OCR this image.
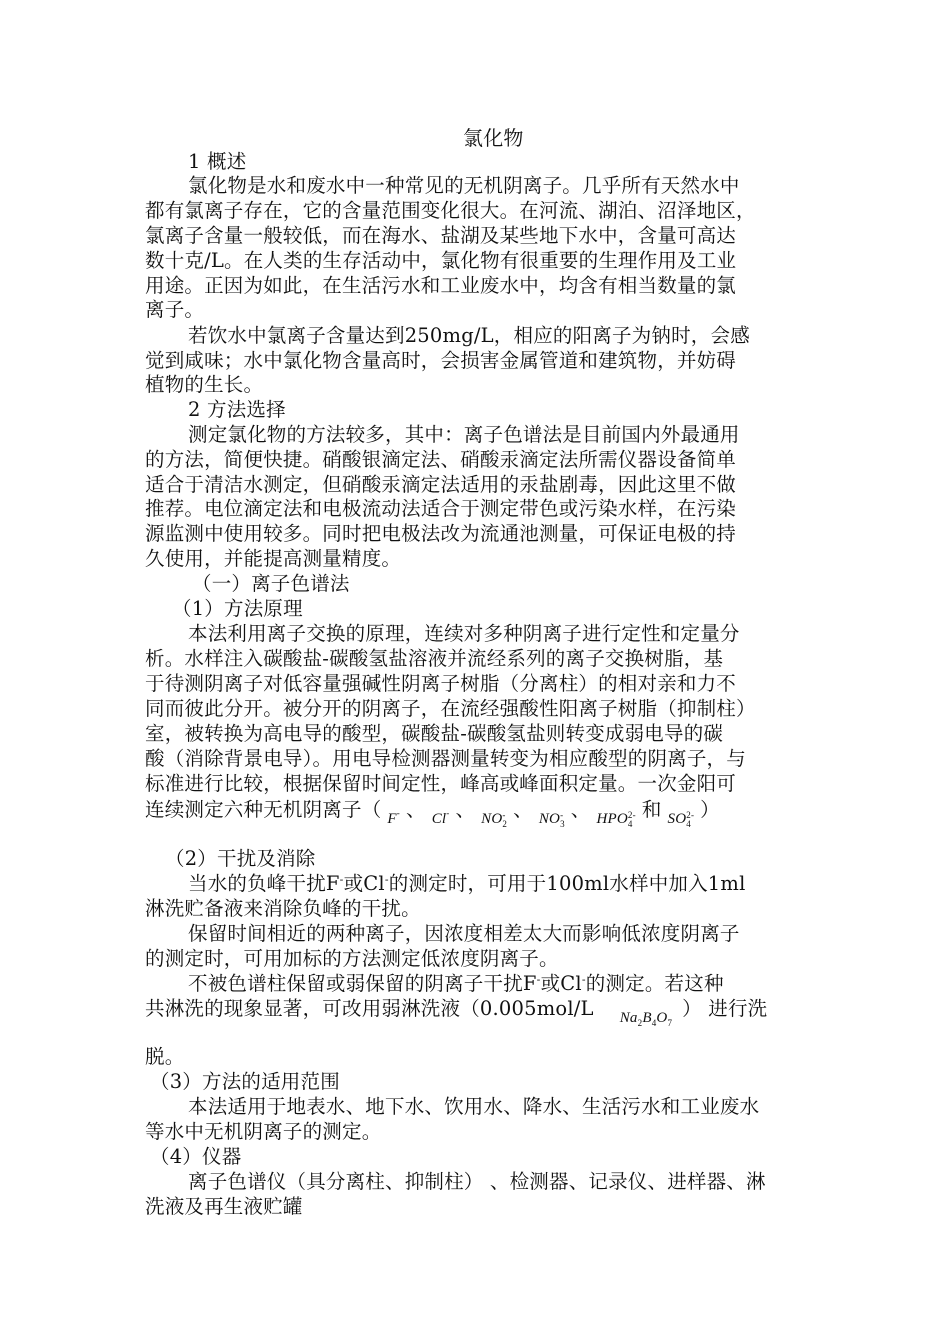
氯化物
1 概述
氯化物是水和废水中一种常见的无机阴离子。几乎所有天然水中
都有氯离子存在，它的含量范围变化很大。在河流、湖泊、沼泽地区，
氯离子含量一般较低，而在海水、盐湖及某些地下水中，含量可高达
数十克/L。在人类的生存活动中，氯化物有很重要的生理作用及工业
用途。正因为如此，在生活污水和工业废水中，均含有相当数量的氯
离子。
若饮水中氯离子含量达到250mg/L，相应的阳离子为钠时，会感
觉到咸味；水中氯化物含量高时，会损害金属管道和建筑物，并妨碍
植物的生长。
2 方法选择
测定氯化物的方法较多，其中：离子色谱法是目前国内外最通用
的方法，简便快捷。硝酸银滴定法、硝酸汞滴定法所需仪器设备简单
适合于清洁水测定，但硝酸汞滴定法适用的汞盐剧毒，因此这里不做
推荐。电位滴定法和电极流动法适合于测定带色或污染水样，在污染
源监测中使用较多。同时把电极法改为流通池测量，可保证电极的持
久使用，并能提高测量精度。
（一）离子色谱法
（1）方法原理
本法利用离子交换的原理，连续对多种阴离子进行定性和定量分
析。水样注入碳酸盐-碳酸氢盐溶液并流经系列的离子交换树脂，基
于待测阴离子对低容量强碱性阴离子树脂（分离柱）的相对亲和力不
同而彼此分开。被分开的阴离子，在流经强酸性阳离子树脂（抑制柱）
室，被转换为高电导的酸型，碳酸盐-碳酸氢盐则转变成弱电导的碳
酸（消除背景电导）。用电导检测器测量转变为相应酸型的阴离子，与
标准进行比较，根据保留时间定性，峰高或峰面积定量。一次金阳可
连续测定六种无机阴离子（ $_{F^-}$ 、 $_{Cl^-}$ 、 $_{NO- 2}$、 $_{NO- 3}$、 $_{HPO2- 4}$和 $_{SO2- 4}$）
（2）干扰及消除
当水的负峰干扰F-或Cl-的测定时，可用于100ml水样中加入1ml
淋洗贮备液来消除负峰的干扰。
保留时间相近的两种离子，因浓度相差太大而影响低浓度阴离子
的测定时，可用加标的方法测定低浓度阴离子。
不被色谱柱保留或弱保留的阴离子干扰F-或Cl-的测定。若这种
共淋洗的现象显著，可改用弱淋洗液（0.005mol/L $_{Na_2B_4O_7}$） 进行洗
脱。
（3）方法的适用范围
本法适用于地表水、地下水、饮用水、降水、生活污水和工业废水
等水中无机阴离子的测定。
（4）仪器
离子色谱仪（具分离柱、抑制柱） 、检测器、记录仪、进样器、淋
洗液及再生液贮罐
